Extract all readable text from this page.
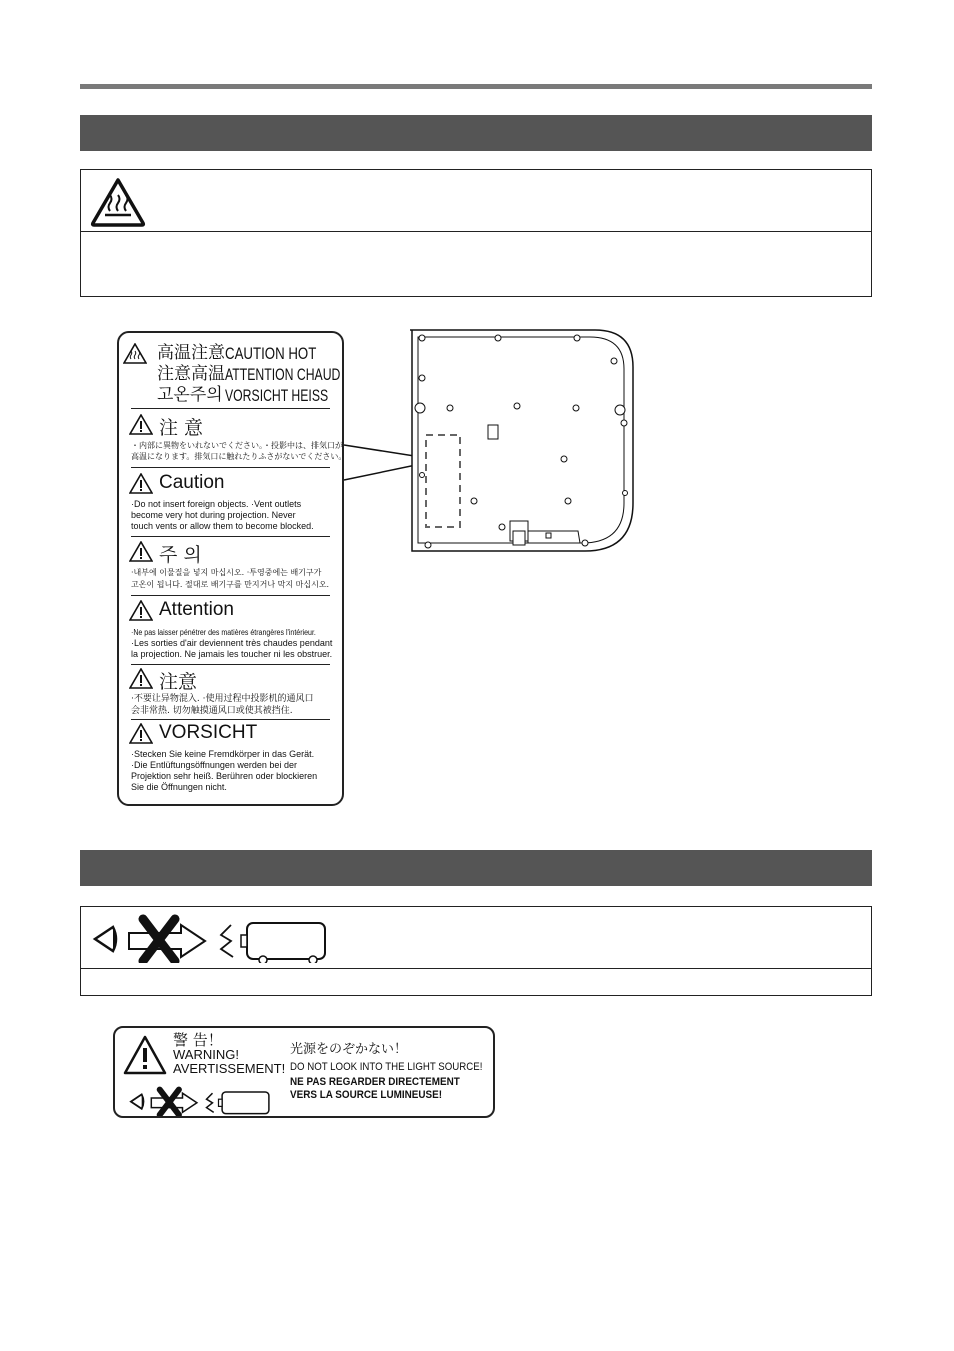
高温注意
注意高温
고온주의
CAUTION HOT
ATTENTION CHAUD
VORSICHT HEISS
注 意
・内部に異物をいれないでください。・投影中は、排気口が
高温になります。排気口に触れたりふさがないでください。
Caution
·Do not insert foreign objects. ·Vent outlets
become very hot during projection. Never
touch vents or allow them to become blocked.
주 의
·내부에 이물질을 넣지 마십시오. ·투영중에는 배기구가
고온이 됩니다. 절대로 배기구를 만지거나 막지 마십시오.
Attention
·Ne pas laisser pénétrer des matières étrangères l'intérieur.
·Les sorties d'air deviennent très chaudes pendant
la projection. Ne jamais les toucher ni les obstruer.
注意
·不要让异物混入. ·使用过程中投影机的通风口
会非常热. 切勿触摸通风口或使其被挡住.
VORSICHT
·Stecken Sie keine Fremdkörper in das Gerät.
·Die Entlüftungsöffnungen werden bei der
Projektion sehr heiß. Berühren oder blockieren
Sie die Öffnungen nicht.
警 告！
WARNING!
AVERTISSEMENT!
光源をのぞかない！
DO NOT LOOK INTO THE LIGHT SOURCE!
NE PAS REGARDER DIRECTEMENT
VERS LA SOURCE LUMINEUSE!
